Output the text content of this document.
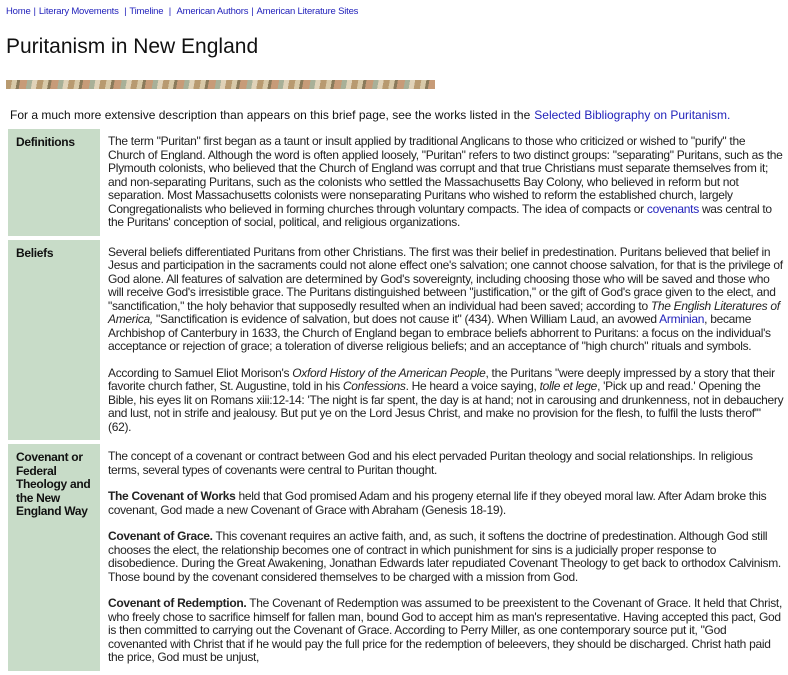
Home | Literary Movements | Timeline | American Authors | American Literature Sites
Puritanism in New England
For a much more extensive description than appears on this brief page, see the works listed in the Selected Bibliography on Puritanism.
Definitions	The term "Puritan" first began as a taunt or insult applied by traditional Anglicans to those who criticized or wished to "purify" the Church of England. Although the word is often applied loosely, "Puritan" refers to two distinct groups: "separating" Puritans, such as the Plymouth colonists, who believed that the Church of England was corrupt and that true Christians must separate themselves from it; and non-separating Puritans, such as the colonists who settled the Massachusetts Bay Colony, who believed in reform but not separation. Most Massachusetts colonists were nonseparating Puritans who wished to reform the established church, largely Congregationalists who believed in forming churches through voluntary compacts. The idea of compacts or covenants was central to the Puritans' conception of social, political, and religious organizations.

Beliefs	Several beliefs differentiated Puritans from other Christians. The first was their belief in predestination. Puritans believed that belief in Jesus and participation in the sacraments could not alone effect one's salvation; one cannot choose salvation, for that is the privilege of God alone. All features of salvation are determined by God's sovereignty, including choosing those who will be saved and those who will receive God's irresistible grace. The Puritans distinguished between "justification," or the gift of God's grace given to the elect, and "sanctification," the holy behavior that supposedly resulted when an individual had been saved; according to The English Literatures of America, "Sanctification is evidence of salvation, but does not cause it" (434). When William Laud, an avowed Arminian, became Archbishop of Canterbury in 1633, the Church of England began to embrace beliefs abhorrent to Puritans: a focus on the individual's acceptance or rejection of grace; a toleration of diverse religious beliefs; and an acceptance of "high church" rituals and symbols.

According to Samuel Eliot Morison's Oxford History of the American People, the Puritans "were deeply impressed by a story that their favorite church father, St. Augustine, told in his Confessions. He heard a voice saying, tolle et lege, 'Pick up and read.' Opening the Bible, his eyes lit on Romans xiii:12-14: 'The night is far spent, the day is at hand; not in carousing and drunkenness, not in debauchery and lust, not in strife and jealousy. But put ye on the Lord Jesus Christ, and make no provision for the flesh, to fulfil the lusts therof'" (62).

Covenant or Federal Theology and the New England Way	The concept of a covenant or contract between God and his elect pervaded Puritan theology and social relationships. In religious terms, several types of covenants were central to Puritan thought.

The Covenant of Works held that God promised Adam and his progeny eternal life if they obeyed moral law. After Adam broke this covenant, God made a new Covenant of Grace with Abraham (Genesis 18-19).

Covenant of Grace. This covenant requires an active faith, and, as such, it softens the doctrine of predestination. Although God still chooses the elect, the relationship becomes one of contract in which punishment for sins is a judicially proper response to disobedience. During the Great Awakening, Jonathan Edwards later repudiated Covenant Theology to get back to orthodox Calvinism. Those bound by the covenant considered themselves to be charged with a mission from God.

Covenant of Redemption. The Covenant of Redemption was assumed to be preexistent to the Covenant of Grace. It held that Christ, who freely chose to sacrifice himself for fallen man, bound God to accept him as man's representative. Having accepted this pact, God is then committed to carrying out the Covenant of Grace. According to Perry Miller, as one contemporary source put it, "God covenanted with Christ that if he would pay the full price for the redemption of beleevers, they should be discharged. Christ hath paid the price, God must be unjust,
